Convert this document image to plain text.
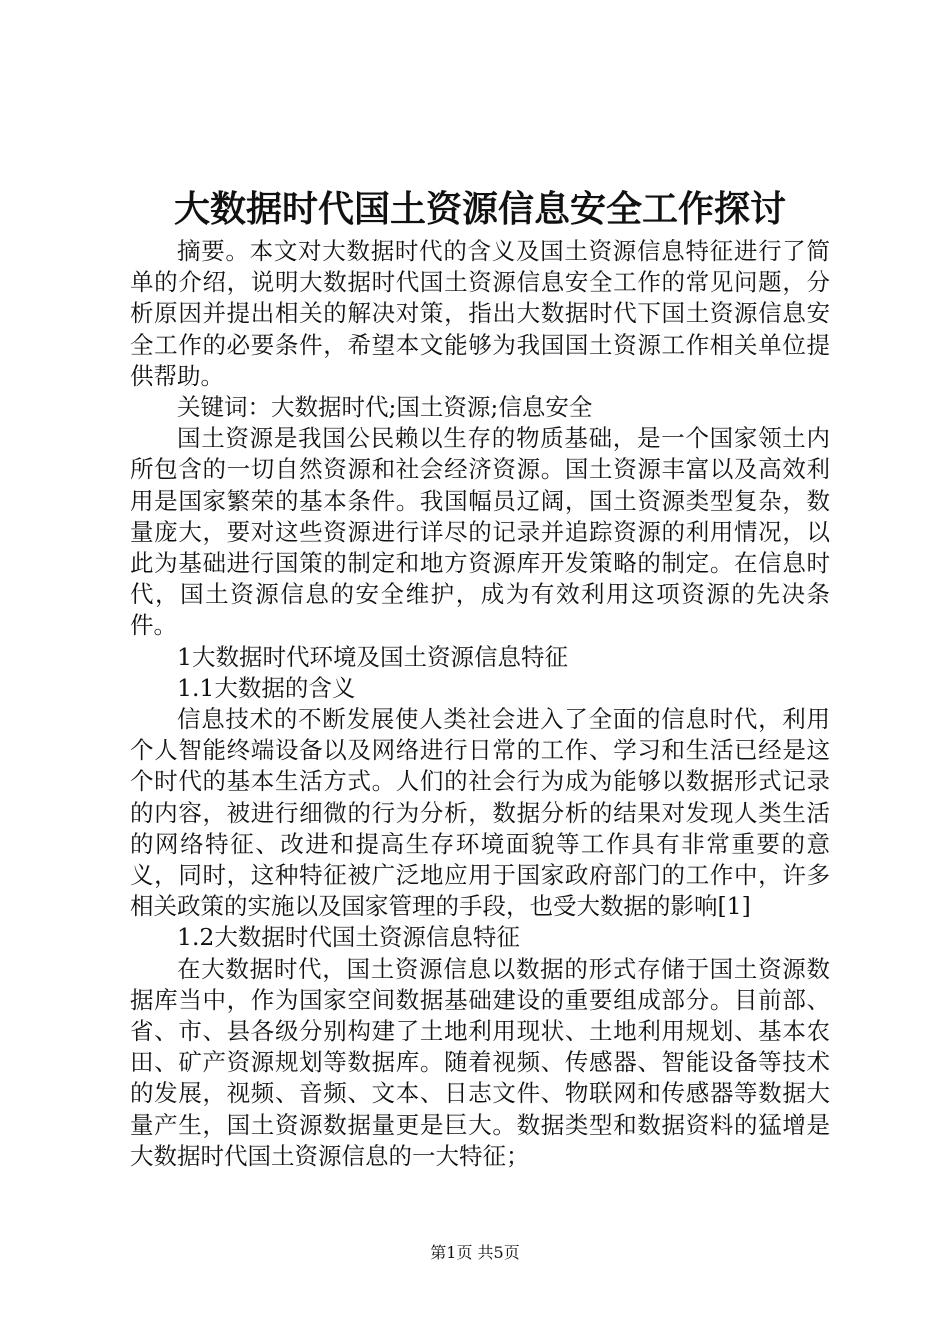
大数据时代国土资源信息安全工作探讨

摘要。本文对大数据时代的含义及国土资源信息特征进行了简单的介绍，说明大数据时代国土资源信息安全工作的常见问题，分析原因并提出相关的解决对策，指出大数据时代下国土资源信息安全工作的必要条件，希望本文能够为我国国土资源工作相关单位提供帮助。

关键词：大数据时代;国土资源;信息安全

国土资源是我国公民赖以生存的物质基础，是一个国家领土内所包含的一切自然资源和社会经济资源。国土资源丰富以及高效利用是国家繁荣的基本条件。我国幅员辽阔，国土资源类型复杂，数量庞大，要对这些资源进行详尽的记录并追踪资源的利用情况，以此为基础进行国策的制定和地方资源库开发策略的制定。在信息时代，国土资源信息的安全维护，成为有效利用这项资源的先决条件。

1大数据时代环境及国土资源信息特征

1.1大数据的含义

信息技术的不断发展使人类社会进入了全面的信息时代，利用个人智能终端设备以及网络进行日常的工作、学习和生活已经是这个时代的基本生活方式。人们的社会行为成为能够以数据形式记录的内容，被进行细微的行为分析，数据分析的结果对发现人类生活的网络特征、改进和提高生存环境面貌等工作具有非常重要的意义，同时，这种特征被广泛地应用于国家政府部门的工作中，许多相关政策的实施以及国家管理的手段，也受大数据的影响[1]

1.2大数据时代国土资源信息特征

在大数据时代，国土资源信息以数据的形式存储于国土资源数据库当中，作为国家空间数据基础建设的重要组成部分。目前部、省、市、县各级分别构建了土地利用现状、土地利用规划、基本农田、矿产资源规划等数据库。随着视频、传感器、智能设备等技术的发展，视频、音频、文本、日志文件、物联网和传感器等数据大量产生，国土资源数据量更是巨大。数据类型和数据资料的猛增是大数据时代国土资源信息的一大特征；

第1页 共5页
